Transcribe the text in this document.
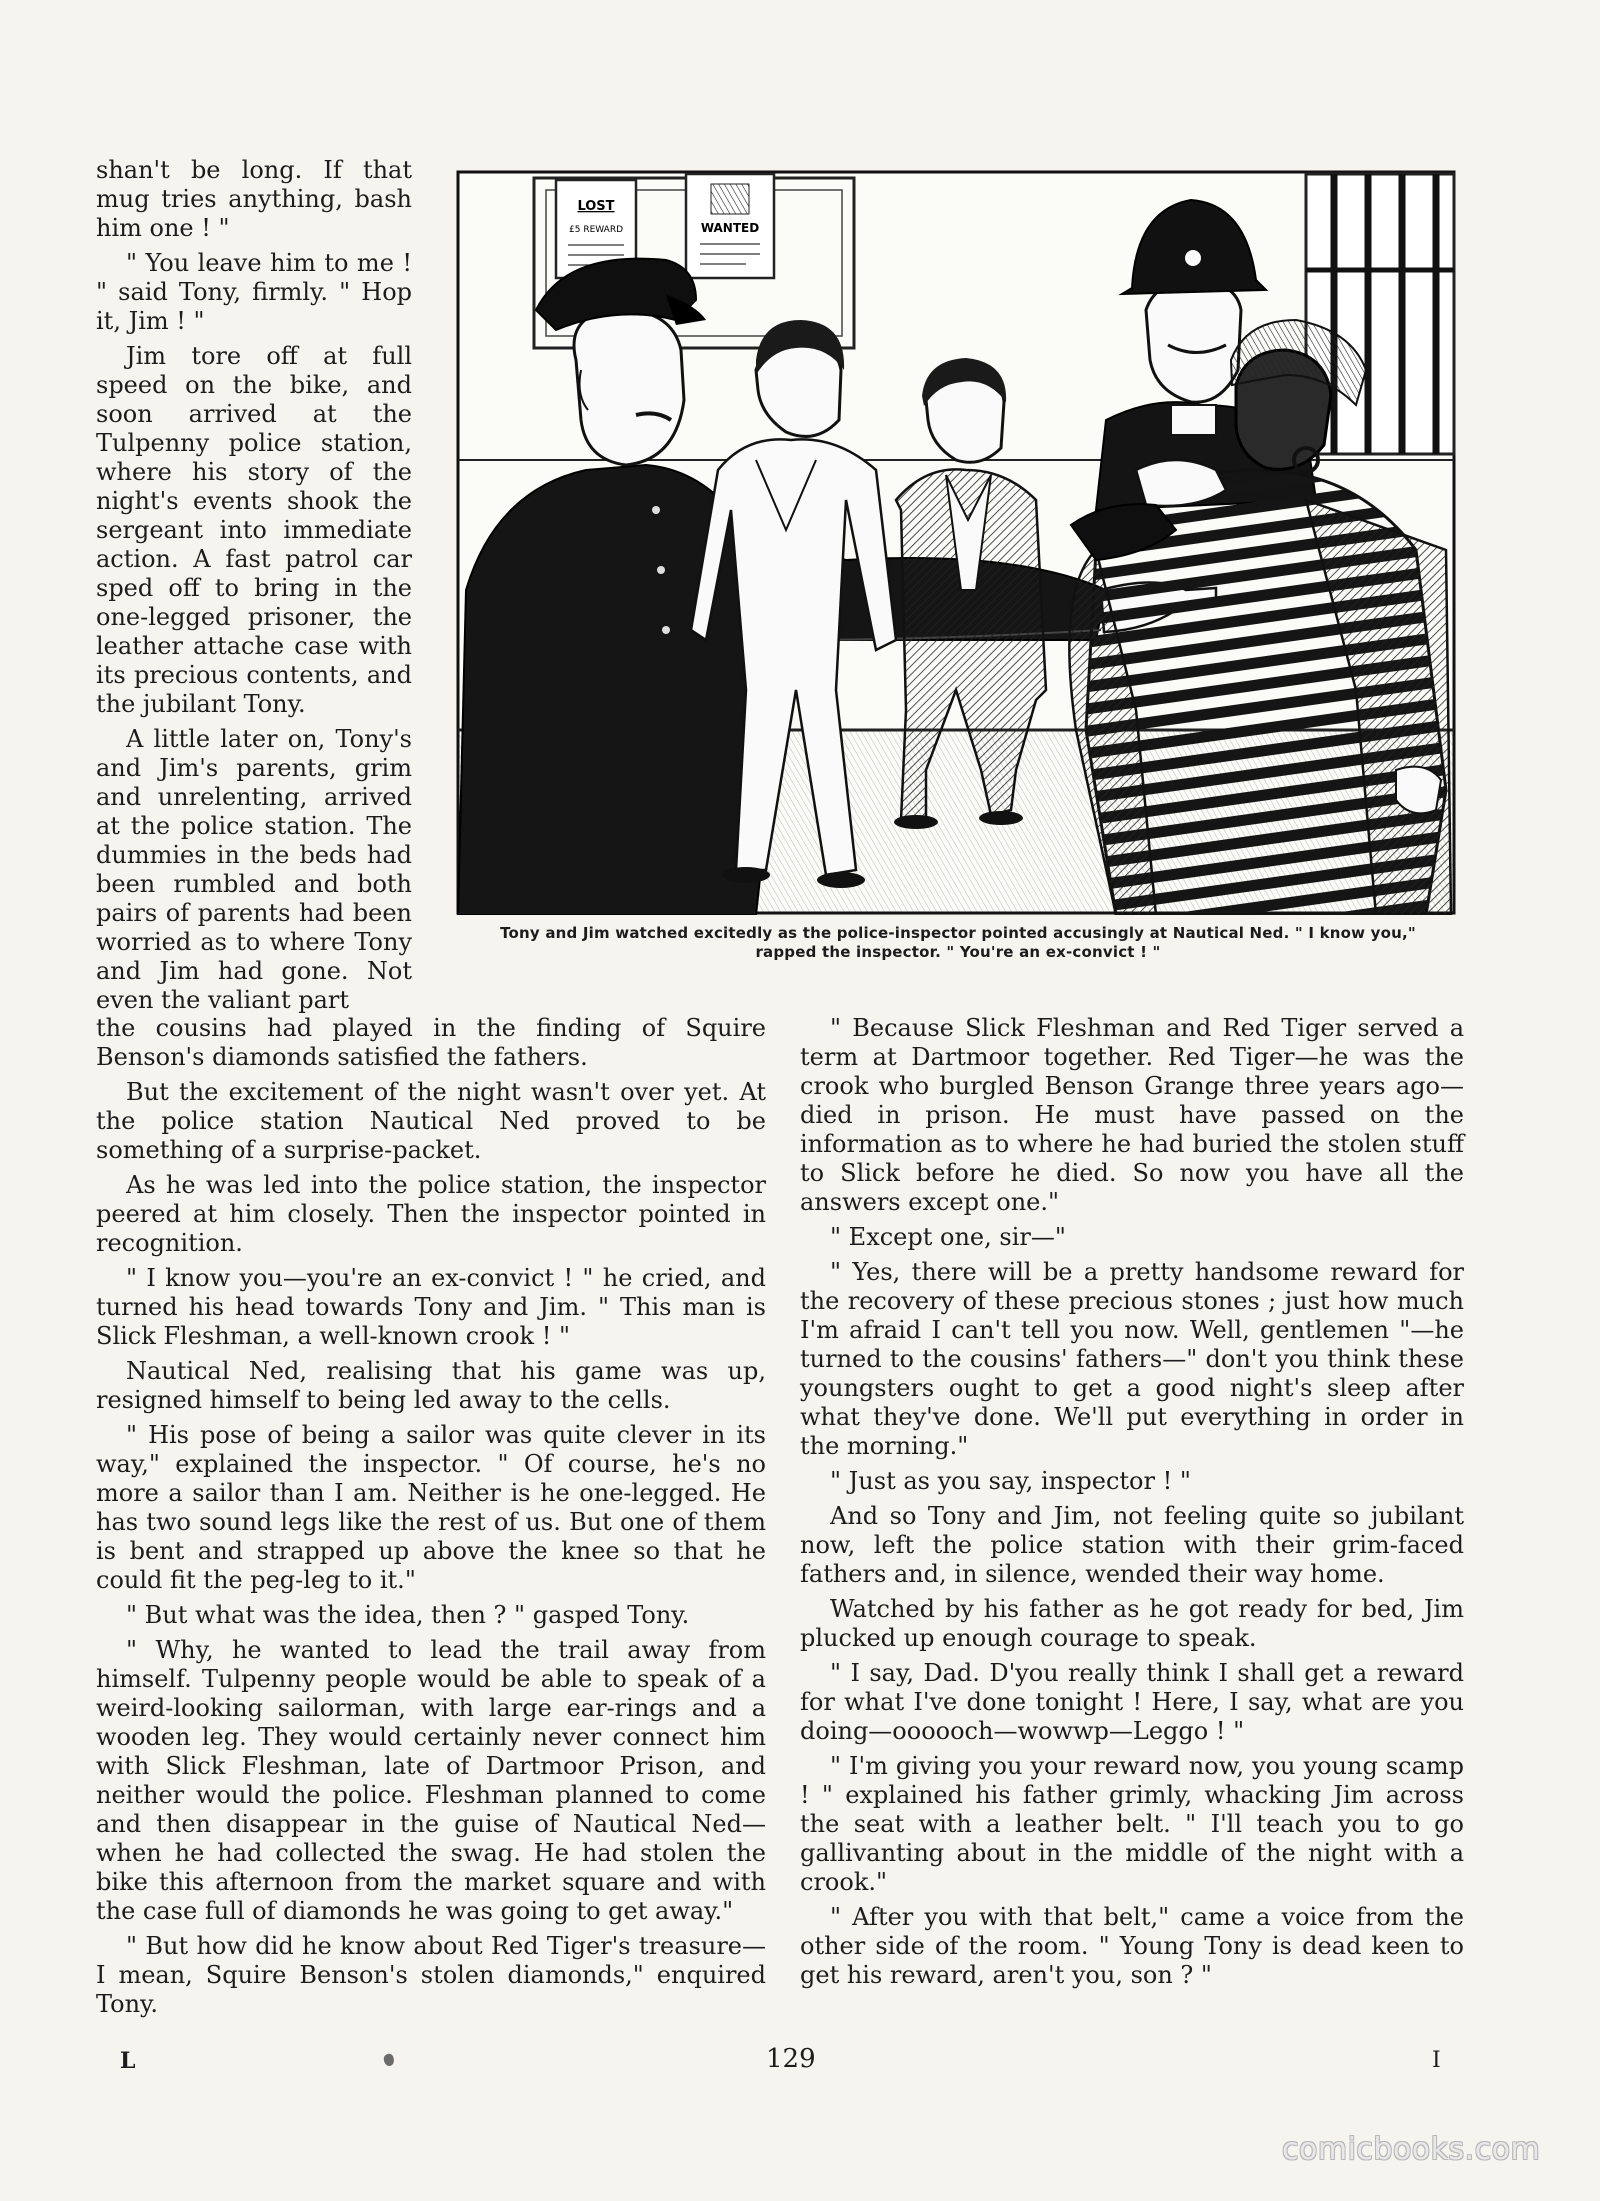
shan't be long. If that mug tries anything, bash him one ! "

" You leave him to me ! " said Tony, firmly. " Hop it, Jim ! "

Jim tore off at full speed on the bike, and soon arrived at the Tulpenny police station, where his story of the night's events shook the sergeant into immediate action. A fast patrol car sped off to bring in the one-legged prisoner, the leather attache case with its precious contents, and the jubilant Tony.

A little later on, Tony's and Jim's parents, grim and unrelenting, arrived at the police station. The dummies in the beds had been rumbled and both pairs of parents had been worried as to where Tony and Jim had gone. Not even the valiant part

LOST
£5 REWARD	WANTED
Tony and Jim watched excitedly as the police-inspector pointed accusingly at Nautical Ned. " I know you,"
rapped the inspector. " You're an ex-convict ! "

the cousins had played in the finding of Squire Benson's diamonds satisfied the fathers.

But the excitement of the night wasn't over yet. At the police station Nautical Ned proved to be something of a surprise-packet.

As he was led into the police station, the inspector peered at him closely. Then the inspector pointed in recognition.

" I know you—you're an ex-convict ! " he cried, and turned his head towards Tony and Jim. " This man is Slick Fleshman, a well-known crook ! "

Nautical Ned, realising that his game was up, resigned himself to being led away to the cells.

" His pose of being a sailor was quite clever in its way," explained the inspector. " Of course, he's no more a sailor than I am. Neither is he one-legged. He has two sound legs like the rest of us. But one of them is bent and strapped up above the knee so that he could fit the peg-leg to it."

" But what was the idea, then ? " gasped Tony.

" Why, he wanted to lead the trail away from himself. Tulpenny people would be able to speak of a weird-looking sailorman, with large ear-rings and a wooden leg. They would certainly never connect him with Slick Fleshman, late of Dartmoor Prison, and neither would the police. Fleshman planned to come and then disappear in the guise of Nautical Ned—when he had collected the swag. He had stolen the bike this afternoon from the market square and with the case full of diamonds he was going to get away."

" But how did he know about Red Tiger's treasure—I mean, Squire Benson's stolen diamonds," enquired Tony.

" Because Slick Fleshman and Red Tiger served a term at Dartmoor together. Red Tiger—he was the crook who burgled Benson Grange three years ago—died in prison. He must have passed on the information as to where he had buried the stolen stuff to Slick before he died. So now you have all the answers except one."

" Except one, sir—"

" Yes, there will be a pretty handsome reward for the recovery of these precious stones ; just how much I'm afraid I can't tell you now. Well, gentlemen "—he turned to the cousins' fathers—" don't you think these youngsters ought to get a good night's sleep after what they've done. We'll put everything in order in the morning."

" Just as you say, inspector ! "

And so Tony and Jim, not feeling quite so jubilant now, left the police station with their grim-faced fathers and, in silence, wended their way home.

Watched by his father as he got ready for bed, Jim plucked up enough courage to speak.

" I say, Dad. D'you really think I shall get a reward for what I've done tonight ! Here, I say, what are you doing—oooooch—wowwp—Leggo ! "

" I'm giving you your reward now, you young scamp ! " explained his father grimly, whacking Jim across the seat with a leather belt. " I'll teach you to go gallivanting about in the middle of the night with a crook."

" After you with that belt," came a voice from the other side of the room. " Young Tony is dead keen to get his reward, aren't you, son ? "

L	129	I
comicbooks.com
